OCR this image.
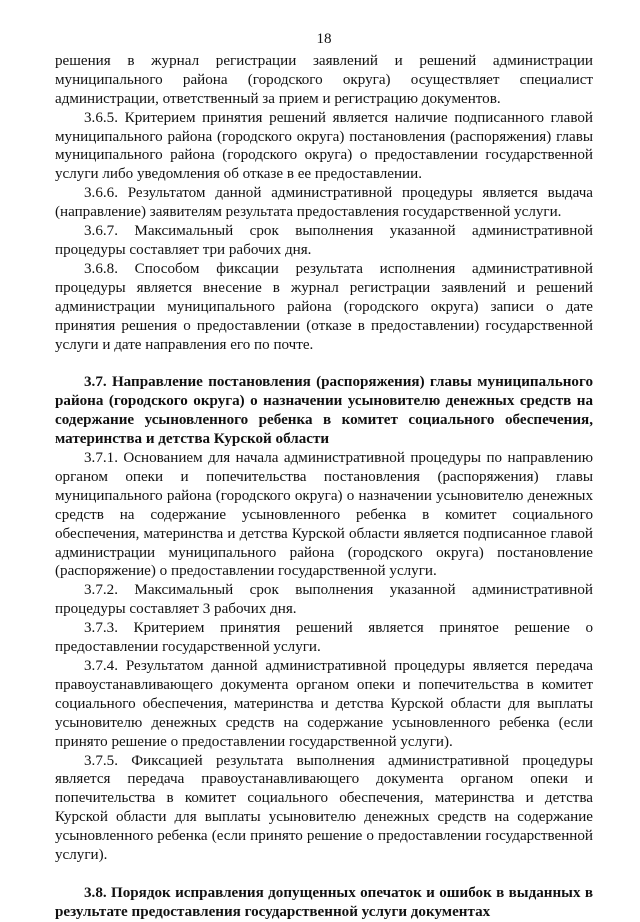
18

решения в журнал регистрации заявлений и решений администрации муниципального района (городского округа) осуществляет специалист администрации, ответственный за прием и регистрацию документов.

3.6.5. Критерием принятия решений является наличие подписанного главой муниципального района (городского округа) постановления (распоряжения) главы муниципального района (городского округа) о предоставлении государственной услуги либо уведомления об отказе в ее предоставлении.

3.6.6. Результатом данной административной процедуры является выдача (направление) заявителям результата предоставления государственной услуги.

3.6.7. Максимальный срок выполнения указанной административной процедуры составляет три рабочих дня.

3.6.8. Способом фиксации результата исполнения административной процедуры является внесение в журнал регистрации заявлений и решений администрации муниципального района (городского округа) записи о дате принятия решения о предоставлении (отказе в предоставлении) государственной услуги и дате направления его по почте.

3.7. Направление постановления (распоряжения) главы муниципального района (городского округа) о назначении усыновителю денежных средств на содержание усыновленного ребенка в комитет социального обеспечения, материнства и детства Курской области

3.7.1. Основанием для начала административной процедуры по направлению органом опеки и попечительства постановления (распоряжения) главы муниципального района (городского округа) о назначении усыновителю денежных средств на содержание усыновленного ребенка в комитет социального обеспечения, материнства и детства Курской области является подписанное главой администрации муниципального района (городского округа) постановление (распоряжение) о предоставлении государственной услуги.

3.7.2. Максимальный срок выполнения указанной административной процедуры составляет 3 рабочих дня.

3.7.3. Критерием принятия решений является принятое решение о предоставлении государственной услуги.

3.7.4. Результатом данной административной процедуры является передача правоустанавливающего документа органом опеки и попечительства в комитет социального обеспечения, материнства и детства Курской области для выплаты усыновителю денежных средств на содержание усыновленного ребенка (если принято решение о предоставлении государственной услуги).

3.7.5. Фиксацией результата выполнения административной процедуры является передача правоустанавливающего документа органом опеки и попечительства в комитет социального обеспечения, материнства и детства Курской области для выплаты усыновителю денежных средств на содержание усыновленного ребенка (если принято решение о предоставлении государственной услуги).

3.8. Порядок исправления допущенных опечаток и ошибок в выданных в результате предоставления государственной услуги документах
